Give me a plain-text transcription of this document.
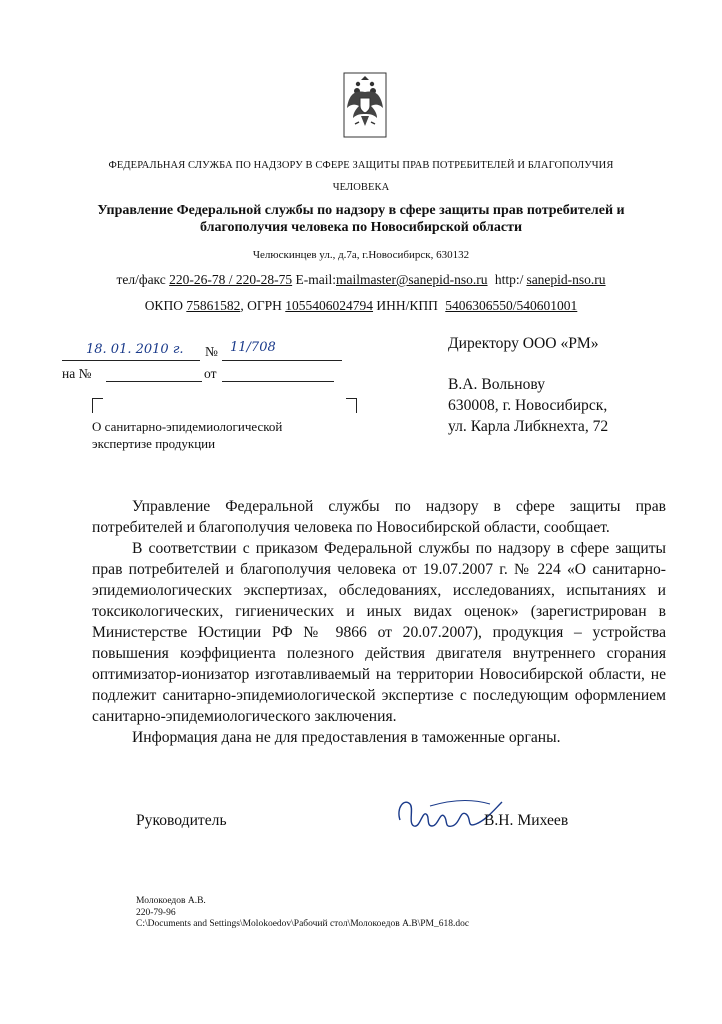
ФЕДЕРАЛЬНАЯ СЛУЖБА ПО НАДЗОРУ В СФЕРЕ ЗАЩИТЫ ПРАВ ПОТРЕБИТЕЛЕЙ И БЛАГОПОЛУЧИЯ
ЧЕЛОВЕКА
Управление Федеральной службы по надзору в сфере защиты прав потребителей и
благополучия человека по Новосибирской области
Челюскинцев ул., д.7а, г.Новосибирск, 630132
тел/факс 220-26-78 / 220-28-75 E-mail:mailmaster@sanepid-nso.ru http:/ sanepid-nso.ru
ОКПО 75861582, ОГРН 1055406024794 ИНН/КПП 5406306550/540601001
18. 01. 2010 г. № 11/708
на №	от
О санитарно-эпидемиологической
экспертизе продукции
Директору ООО «РМ»
В.А. Вольнову
630008, г. Новосибирск,
ул. Карла Либкнехта, 72

Управление Федеральной службы по надзору в сфере защиты прав потребителей и благополучия человека по Новосибирской области, сообщает.

В соответствии с приказом Федеральной службы по надзору в сфере защиты прав потребителей и благополучия человека от 19.07.2007 г. № 224 «О санитарно-эпидемиологических экспертизах, обследованиях, исследованиях, испытаниях и токсикологических, гигиенических и иных видах оценок» (зарегистрирован в Министерстве Юстиции РФ № 9866 от 20.07.2007), продукция – устройства повышения коэффициента полезного действия двигателя внутреннего сгорания оптимизатор-ионизатор изготавливаемый на территории Новосибирской области, не подлежит санитарно-эпидемиологической экспертизе с последующим оформлением санитарно-эпидемиологического заключения.

Информация дана не для предоставления в таможенные органы.

Руководитель	В.Н. Михеев
Молокоедов А.В.
220-79-96
C:\Documents and Settings\Molokoedov\Рабочий стол\Молокоедов А.В\РМ_618.doc
